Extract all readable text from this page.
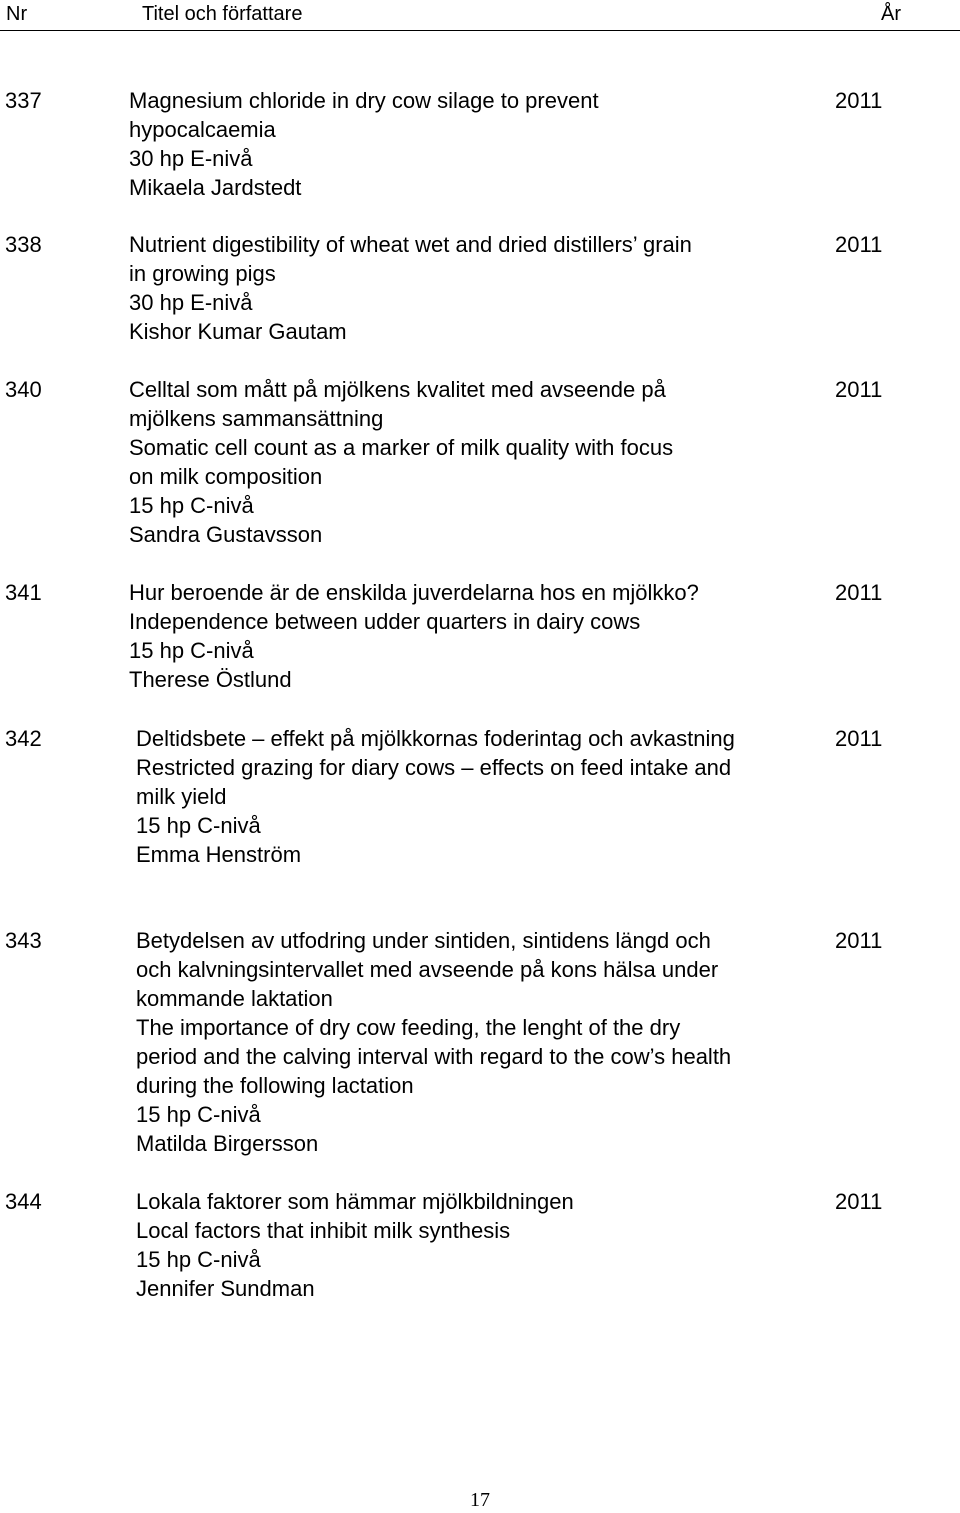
Nr	Titel och författare	År
337	Magnesium chloride in dry cow silage to prevent
hypocalcaemia
30 hp E-nivå
Mikaela Jardstedt
2011
338	Nutrient digestibility of wheat wet and dried distillers’ grain
in growing pigs
30 hp E-nivå
Kishor Kumar Gautam
2011
340	Celltal som mått på mjölkens kvalitet med avseende på
mjölkens sammansättning
Somatic cell count as a marker of milk quality with focus
on milk composition
15 hp C-nivå
Sandra Gustavsson
2011
341	Hur beroende är de enskilda juverdelarna hos en mjölkko?
Independence between udder quarters in dairy cows
15 hp C-nivå
Therese Östlund
2011
342	Deltidsbete – effekt på mjölkkornas foderintag och avkastning
Restricted grazing for diary cows – effects on feed intake and
milk yield
15 hp C-nivå
Emma Henström
2011
343	Betydelsen av utfodring under sintiden, sintidens längd och
och kalvningsintervallet med avseende på kons hälsa under
kommande laktation
The importance of dry cow feeding, the lenght of the dry
period and the calving interval with regard to the cow’s health
during the following lactation
15 hp C-nivå
Matilda Birgersson
2011
344	Lokala faktorer som hämmar mjölkbildningen
Local factors that inhibit milk synthesis
15 hp C-nivå
Jennifer Sundman
2011
17
